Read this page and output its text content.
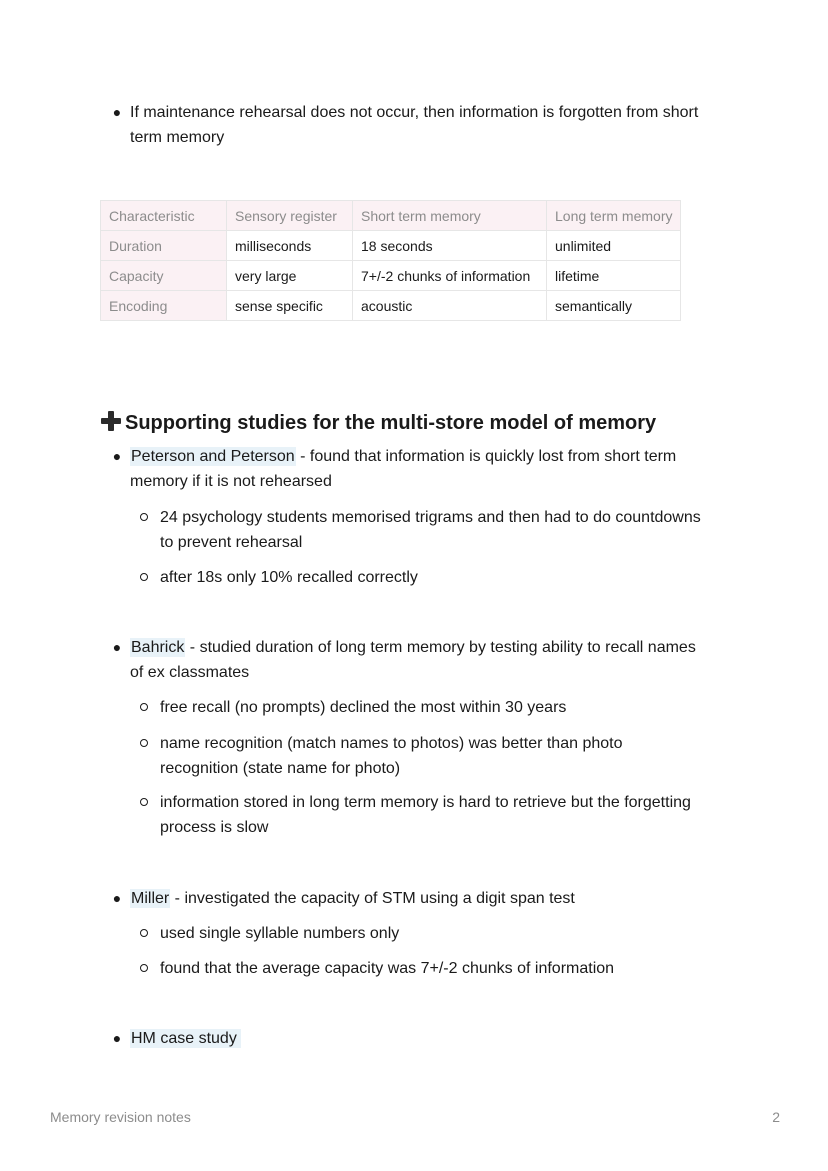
● If maintenance rehearsal does not occur, then information is forgotten from short
term memory
Characteristic	Sensory register	Short term memory	Long term memory
Duration	milliseconds	18 seconds	unlimited
Capacity	very large	7+/-2 chunks of information	lifetime
Encoding	sense specific	acoustic	semantically
Supporting studies for the multi-store model of memory
● Peterson and Peterson - found that information is quickly lost from short term
memory if it is not rehearsed
24 psychology students memorised trigrams and then had to do countdowns
to prevent rehearsal
after 18s only 10% recalled correctly
● Bahrick - studied duration of long term memory by testing ability to recall names
of ex classmates
free recall (no prompts) declined the most within 30 years
name recognition (match names to photos) was better than photo
recognition (state name for photo)
information stored in long term memory is hard to retrieve but the forgetting
process is slow
● Miller - investigated the capacity of STM using a digit span test
used single syllable numbers only
found that the average capacity was 7+/-2 chunks of information
● HM case study
Memory revision notes	2
